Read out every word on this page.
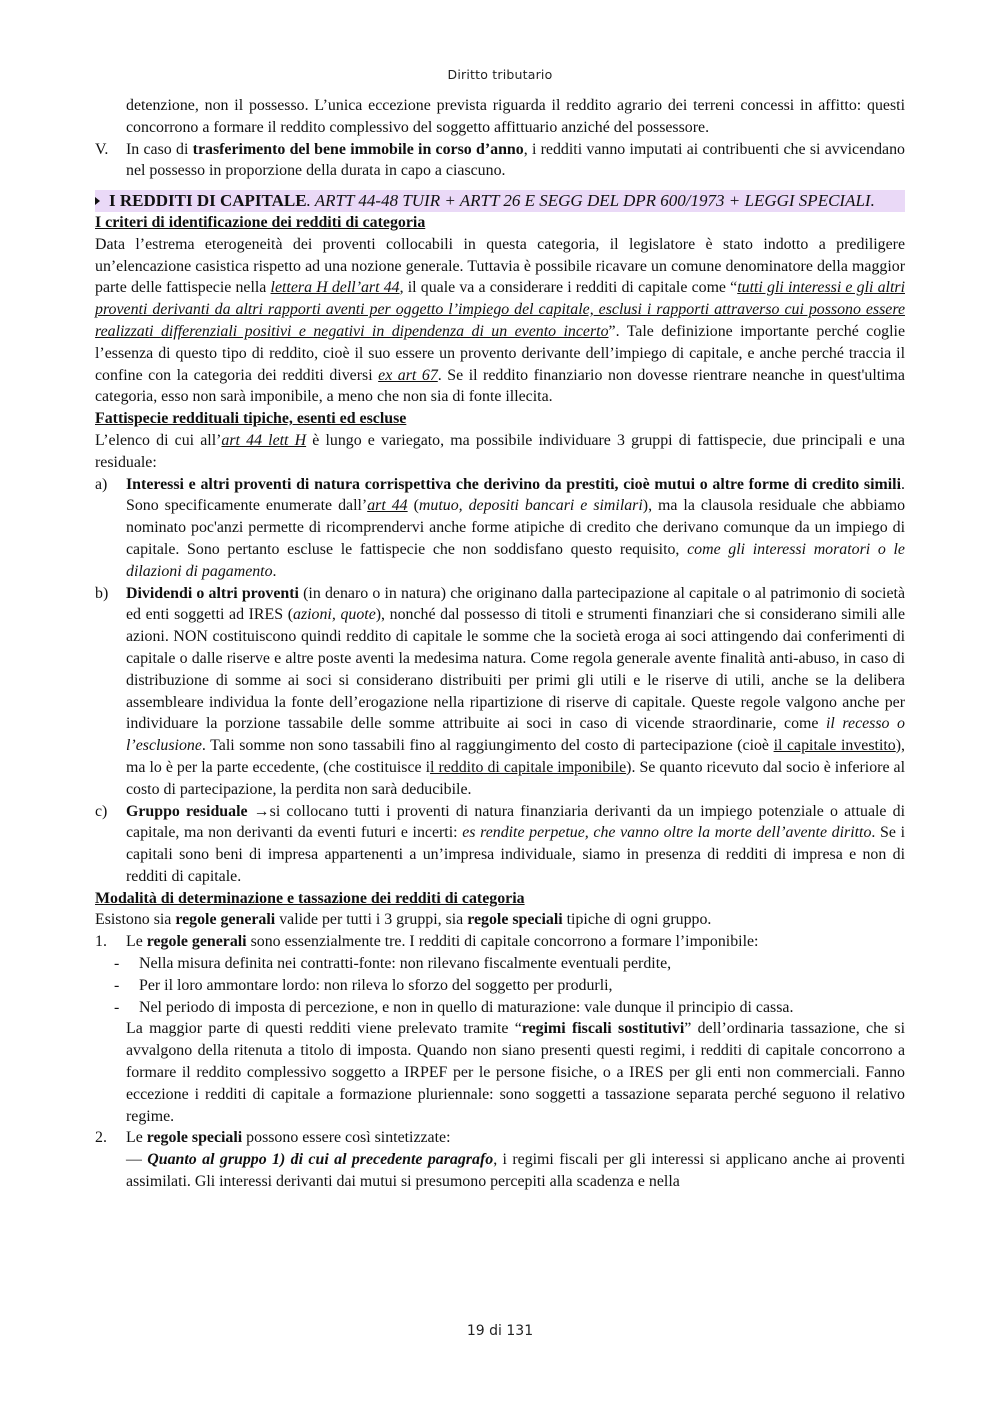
Diritto tributario

detenzione, non il possesso. L’unica eccezione prevista riguarda il reddito agrario dei terreni concessi in affitto: questi concorrono a formare il reddito complessivo del soggetto affittuario anziché del possessore.

V. In caso di trasferimento del bene immobile in corso d’anno, i redditi vanno imputati ai contribuenti che si avvicendano nel possesso in proporzione della durata in capo a ciascuno.
I REDDITI DI CAPITALE. ARTT 44-48 TUIR + ARTT 26 E SEGG DEL DPR 600/1973 + LEGGI SPECIALI.
I criteri di identificazione dei redditi di categoria

Data l’estrema eterogeneità dei proventi collocabili in questa categoria, il legislatore è stato indotto a prediligere un’elencazione casistica rispetto ad una nozione generale. Tuttavia è possibile ricavare un comune denominatore della maggior parte delle fattispecie nella lettera H dell’art 44, il quale va a considerare i redditi di capitale come “tutti gli interessi e gli altri proventi derivanti da altri rapporti aventi per oggetto l’impiego del capitale, esclusi i rapporti attraverso cui possono essere realizzati differenziali positivi e negativi in dipendenza di un evento incerto”. Tale definizione importante perché coglie l’essenza di questo tipo di reddito, cioè il suo essere un provento derivante dell’impiego di capitale, e anche perché traccia il confine con la categoria dei redditi diversi ex art 67. Se il reddito finanziario non dovesse rientrare neanche in quest'ultima categoria, esso non sarà imponibile, a meno che non sia di fonte illecita.

Fattispecie reddituali tipiche, esenti ed escluse

L’elenco di cui all’art 44 lett H è lungo e variegato, ma possibile individuare 3 gruppi di fattispecie, due principali e una residuale:

a) Interessi e altri proventi di natura corrispettiva che derivino da prestiti, cioè mutui o altre forme di credito simili. Sono specificamente enumerate dall’art 44 (mutuo, depositi bancari e similari), ma la clausola residuale che abbiamo nominato poc'anzi permette di ricomprendervi anche forme atipiche di credito che derivano comunque da un impiego di capitale. Sono pertanto escluse le fattispecie che non soddisfano questo requisito, come gli interessi moratori o le dilazioni di pagamento.
b) Dividendi o altri proventi (in denaro o in natura) che originano dalla partecipazione al capitale o al patrimonio di società ed enti soggetti ad IRES (azioni, quote), nonché dal possesso di titoli e strumenti finanziari che si considerano simili alle azioni. NON costituiscono quindi reddito di capitale le somme che la società eroga ai soci attingendo dai conferimenti di capitale o dalle riserve e altre poste aventi la medesima natura. Come regola generale avente finalità anti-abuso, in caso di distribuzione di somme ai soci si considerano distribuiti per primi gli utili e le riserve di utili, anche se la delibera assembleare individua la fonte dell’erogazione nella ripartizione di riserve di capitale. Queste regole valgono anche per individuare la porzione tassabile delle somme attribuite ai soci in caso di vicende straordinarie, come il recesso o l’esclusione. Tali somme non sono tassabili fino al raggiungimento del costo di partecipazione (cioè il capitale investito), ma lo è per la parte eccedente, (che costituisce il reddito di capitale imponibile). Se quanto ricevuto dal socio è inferiore al costo di partecipazione, la perdita non sarà deducibile.
c) Gruppo residuale →si collocano tutti i proventi di natura finanziaria derivanti da un impiego potenziale o attuale di capitale, ma non derivanti da eventi futuri e incerti: es rendite perpetue, che vanno oltre la morte dell’avente diritto. Se i capitali sono beni di impresa appartenenti a un’impresa individuale, siamo in presenza di redditi di impresa e non di redditi di capitale.
Modalità di determinazione e tassazione dei redditi di categoria

Esistono sia regole generali valide per tutti i 3 gruppi, sia regole speciali tipiche di ogni gruppo.

1. Le regole generali sono essenzialmente tre. I redditi di capitale concorrono a formare l’imponibile:
- Nella misura definita nei contratti-fonte: non rilevano fiscalmente eventuali perdite,
- Per il loro ammontare lordo: non rileva lo sforzo del soggetto per produrli,
- Nel periodo di imposta di percezione, e non in quello di maturazione: vale dunque il principio di cassa.

La maggior parte di questi redditi viene prelevato tramite “regimi fiscali sostitutivi” dell’ordinaria tassazione, che si avvalgono della ritenuta a titolo di imposta. Quando non siano presenti questi regimi, i redditi di capitale concorrono a formare il reddito complessivo soggetto a IRPEF per le persone fisiche, o a IRES per gli enti non commerciali. Fanno eccezione i redditi di capitale a formazione pluriennale: sono soggetti a tassazione separata perché seguono il relativo regime.

2. Le regole speciali possono essere così sintetizzate:

— Quanto al gruppo 1) di cui al precedente paragrafo, i regimi fiscali per gli interessi si applicano anche ai proventi assimilati. Gli interessi derivanti dai mutui si presumono percepiti alla scadenza e nella

19 di 131
